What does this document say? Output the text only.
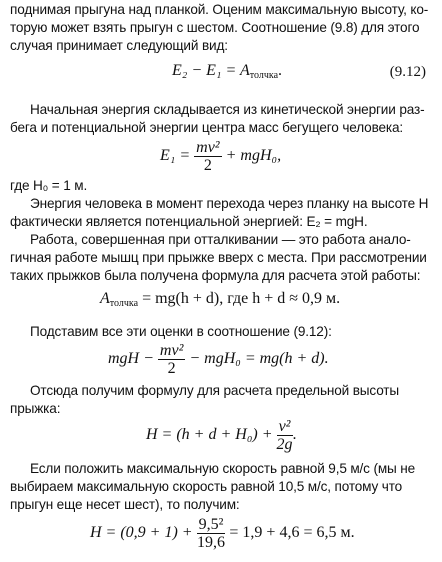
поднимая прыгуна над планкой. Оценим максимальную высоту, ко-
торую может взять прыгун с шестом. Соотношение (9.8) для этого
случая принимает следующий вид:
$E_2 - E_1 = A_{толчка}$.	(9.12)
Начальная энергия складывается из кинетической энергии раз-
бега и потенциальной энергии центра масс бегущего человека:
$E_1 = \frac{\text{mv²}}{2} + mgH_0$,
где H₀ = 1 м.
Энергия человека в момент перехода через планку на высоте H
фактически является потенциальной энергией: E₂ = mgH.
Работа, совершенная при отталкивании — это работа анало-
гичная работе мышц при прыжке вверх с места. При рассмотрении
таких прыжков была получена формула для расчета этой работы:
$A_{толчка} = mg(h + d)$, где h + d ≈ 0,9 м.
Подставим все эти оценки в соотношение (9.12):
mgH − $\frac{\text{mv²}}{2} - mgH_0 = mg(h + d)$.
Отсюда получим формулу для расчета предельной высоты
прыжка:
$H = (h + d + H_0) + \frac{\text{v²}}{2g}$ .
Если положить максимальную скорость равной 9,5 м/с (мы не
выбираем максимальную скорость равной 10,5 м/с, потому что
прыгун еще несет шест), то получим:
$H = (0,9 + 1) + \frac{\text{9,5²}}{19,6} = 1,9 + 4,6 = 6,5$ м.
